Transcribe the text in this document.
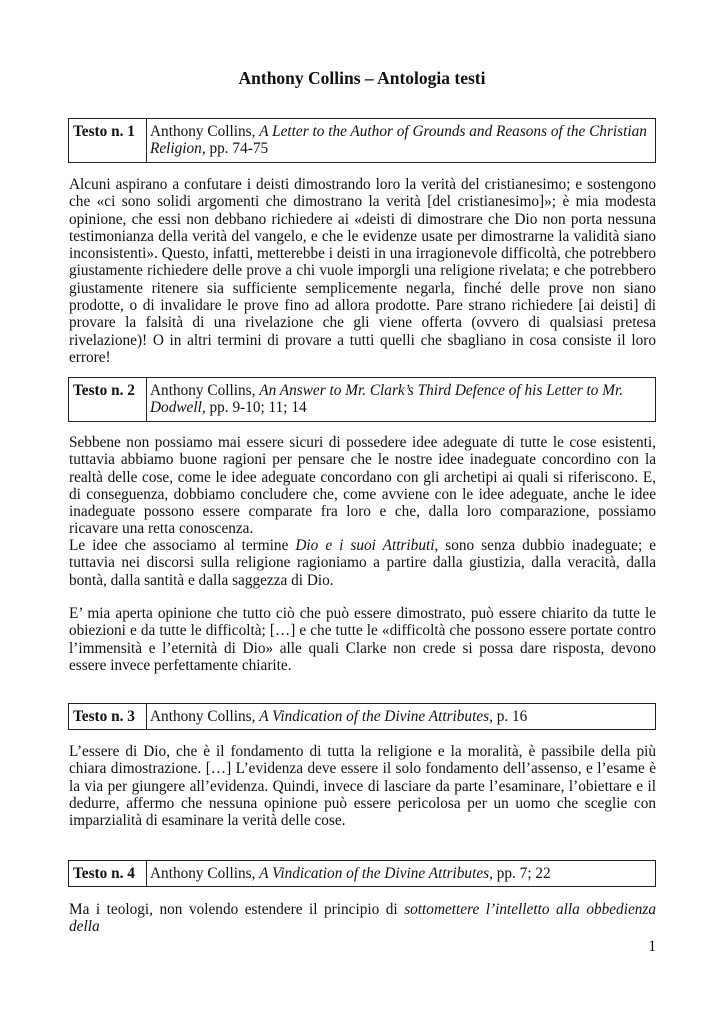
Anthony Collins – Antologia testi
Testo n. 1 Anthony Collins, A Letter to the Author of Grounds and Reasons of the Christian Religion, pp. 74-75

Alcuni aspirano a confutare i deisti dimostrando loro la verità del cristianesimo; e sostengono che «ci sono solidi argomenti che dimostrano la verità [del cristianesimo]»; è mia modesta opinione, che essi non debbano richiedere ai «deisti di dimostrare che Dio non porta nessuna testimonianza della verità del vangelo, e che le evidenze usate per dimostrarne la validità siano inconsistenti». Questo, infatti, metterebbe i deisti in una irragionevole difficoltà, che potrebbero giustamente richiedere delle prove a chi vuole imporgli una religione rivelata; e che potrebbero giustamente ritenere sia sufficiente semplicemente negarla, finché delle prove non siano prodotte, o di invalidare le prove fino ad allora prodotte. Pare strano richiedere [ai deisti] di provare la falsità di una rivelazione che gli viene offerta (ovvero di qualsiasi pretesa rivelazione)! O in altri termini di provare a tutti quelli che sbagliano in cosa consiste il loro errore!

Testo n. 2 Anthony Collins, An Answer to Mr. Clark’s Third Defence of his Letter to Mr. Dodwell, pp. 9-10; 11; 14

Sebbene non possiamo mai essere sicuri di possedere idee adeguate di tutte le cose esistenti, tuttavia abbiamo buone ragioni per pensare che le nostre idee inadeguate concordino con la realtà delle cose, come le idee adeguate concordano con gli archetipi ai quali si riferiscono. E, di conseguenza, dobbiamo concludere che, come avviene con le idee adeguate, anche le idee inadeguate possono essere comparate fra loro e che, dalla loro comparazione, possiamo ricavare una retta conoscenza.

Le idee che associamo al termine Dio e i suoi Attributi, sono senza dubbio inadeguate; e tuttavia nei discorsi sulla religione ragioniamo a partire dalla giustizia, dalla veracità, dalla bontà, dalla santità e dalla saggezza di Dio.

E’ mia aperta opinione che tutto ciò che può essere dimostrato, può essere chiarito da tutte le obiezioni e da tutte le difficoltà; […] e che tutte le «difficoltà che possono essere portate contro l’immensità e l’eternità di Dio» alle quali Clarke non crede si possa dare risposta, devono essere invece perfettamente chiarite.

Testo n. 3 Anthony Collins, A Vindication of the Divine Attributes, p. 16

L’essere di Dio, che è il fondamento di tutta la religione e la moralità, è passibile della più chiara dimostrazione. […] L’evidenza deve essere il solo fondamento dell’assenso, e l’esame è la via per giungere all’evidenza. Quindi, invece di lasciare da parte l’esaminare, l’obiettare e il dedurre, affermo che nessuna opinione può essere pericolosa per un uomo che sceglie con imparzialità di esaminare la verità delle cose.

Testo n. 4 Anthony Collins, A Vindication of the Divine Attributes, pp. 7; 22

Ma i teologi, non volendo estendere il principio di sottomettere l’intelletto alla obbedienza della

1
